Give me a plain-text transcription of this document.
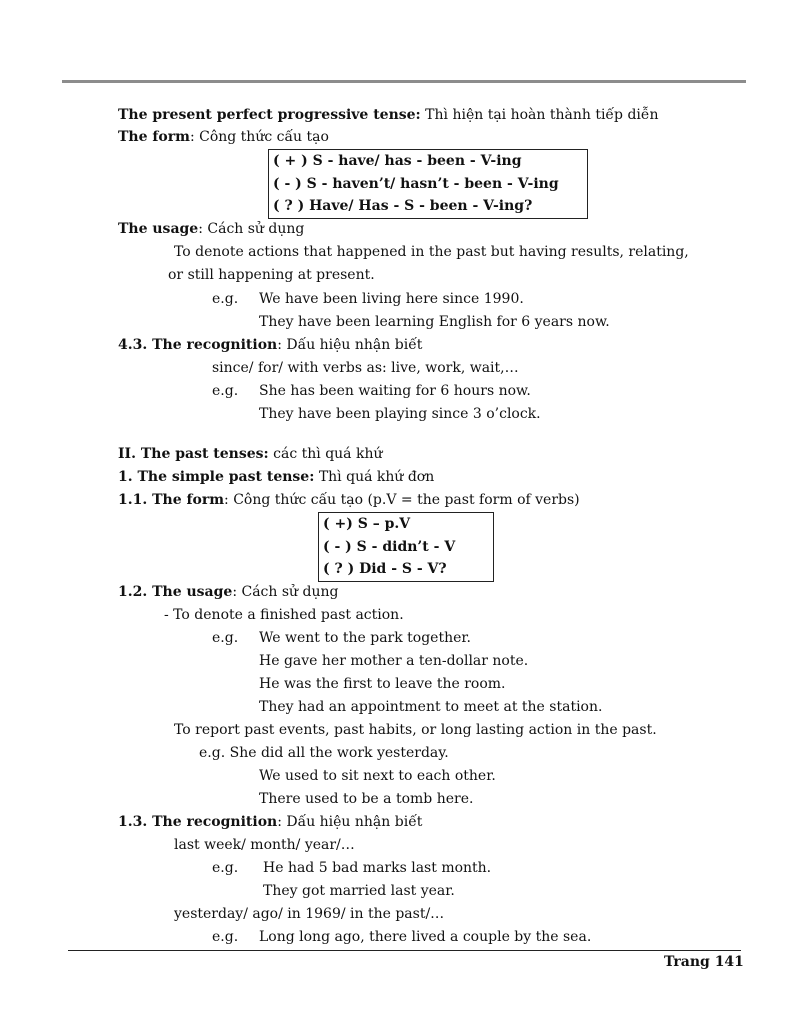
The present perfect progressive tense: Thì hiện tại hoàn thành tiếp diễn
The form: Công thức cấu tạo
( + ) S - have/ has - been - V-ing
( - ) S - haven’t/ hasn’t - been - V-ing
( ? ) Have/ Has - S - been - V-ing?
The usage: Cách sử dụng
To denote actions that happened in the past but having results, relating,
or still happening at present.
e.g. We have been living here since 1990.
They have been learning English for 6 years now.
4.3. The recognition: Dấu hiệu nhận biết
since/ for/ with verbs as: live, work, wait,…
e.g. She has been waiting for 6 hours now.
They have been playing since 3 o’clock.
II. The past tenses: các thì quá khứ
1. The simple past tense: Thì quá khứ đơn
1.1. The form: Công thức cấu tạo (p.V = the past form of verbs)
( +) S – p.V
( - ) S - didn’t - V
( ? ) Did - S - V?
1.2. The usage: Cách sử dụng
- To denote a finished past action.
e.g. We went to the park together.
He gave her mother a ten-dollar note.
He was the first to leave the room.
They had an appointment to meet at the station.
To report past events, past habits, or long lasting action in the past.
e.g. She did all the work yesterday.
We used to sit next to each other.
There used to be a tomb here.
1.3. The recognition: Dấu hiệu nhận biết
last week/ month/ year/…
e.g. He had 5 bad marks last month.
They got married last year.
yesterday/ ago/ in 1969/ in the past/…
e.g. Long long ago, there lived a couple by the sea.
Trang 141
